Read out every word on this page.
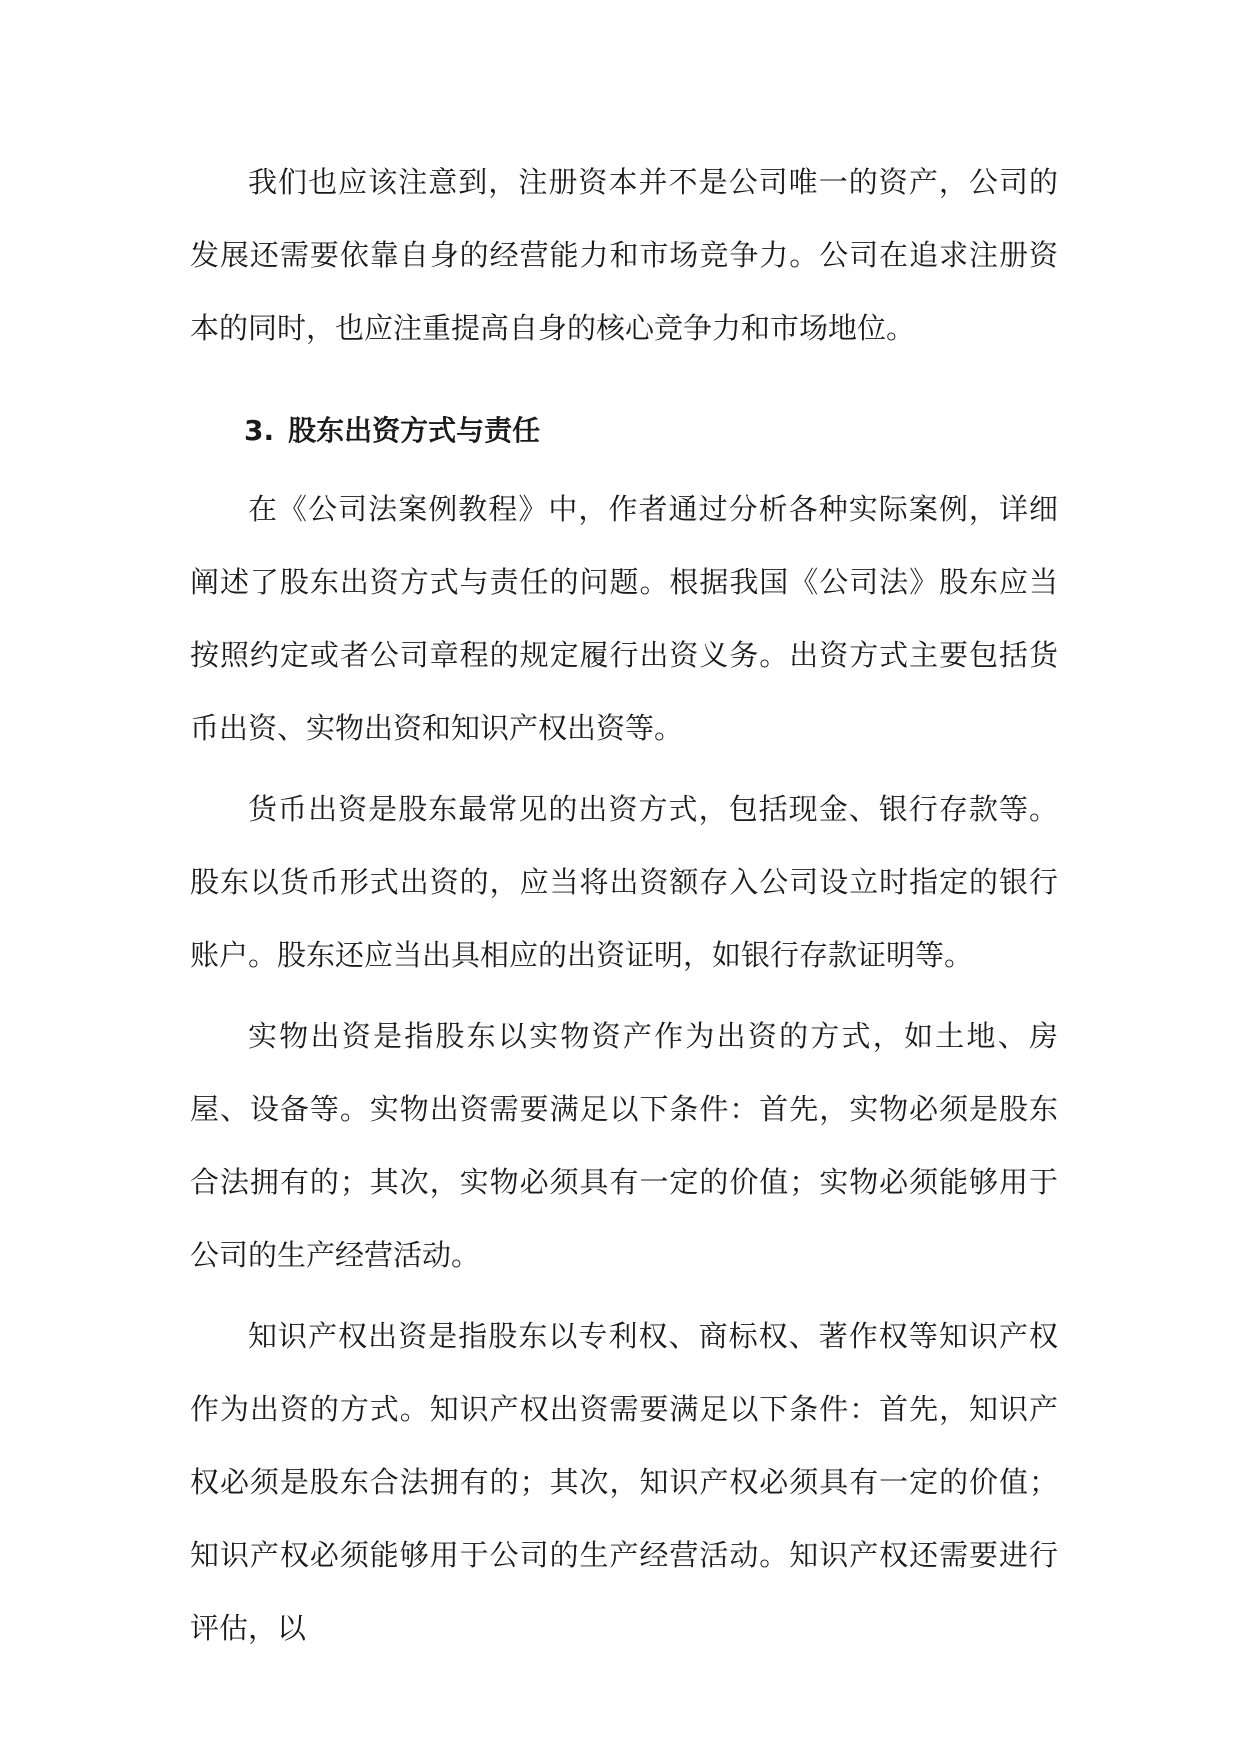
我们也应该注意到，注册资本并不是公司唯一的资产，公司的发展还需要依靠自身的经营能力和市场竞争力。公司在追求注册资本的同时，也应注重提高自身的核心竞争力和市场地位。

3. 股东出资方式与责任

在《公司法案例教程》中，作者通过分析各种实际案例，详细阐述了股东出资方式与责任的问题。根据我国《公司法》股东应当按照约定或者公司章程的规定履行出资义务。出资方式主要包括货币出资、实物出资和知识产权出资等。

货币出资是股东最常见的出资方式，包括现金、银行存款等。股东以货币形式出资的，应当将出资额存入公司设立时指定的银行账户。股东还应当出具相应的出资证明，如银行存款证明等。

实物出资是指股东以实物资产作为出资的方式，如土地、房屋、设备等。实物出资需要满足以下条件：首先，实物必须是股东合法拥有的；其次，实物必须具有一定的价值；实物必须能够用于公司的生产经营活动。

知识产权出资是指股东以专利权、商标权、著作权等知识产权作为出资的方式。知识产权出资需要满足以下条件：首先，知识产权必须是股东合法拥有的；其次，知识产权必须具有一定的价值；知识产权必须能够用于公司的生产经营活动。知识产权还需要进行评估，以
